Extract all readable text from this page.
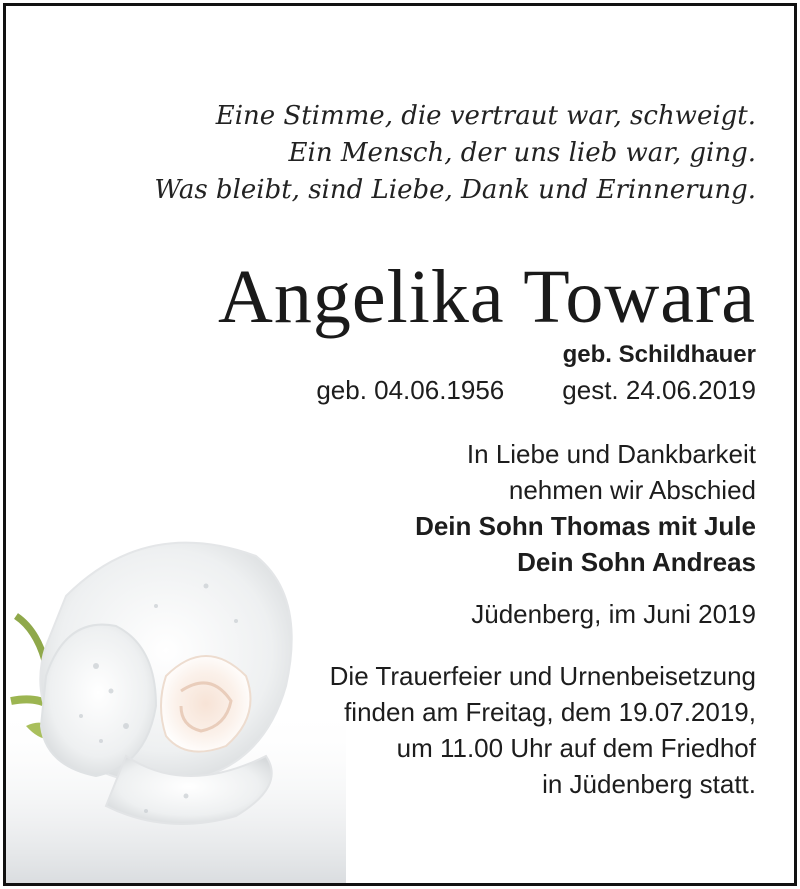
Eine Stimme, die vertraut war, schweigt.
Ein Mensch, der uns lieb war, ging.
Was bleibt, sind Liebe, Dank und Erinnerung.
Angelika Towara
geb. Schildhauer
geb. 04.06.1956 gest. 24.06.2019
In Liebe und Dankbarkeit
nehmen wir Abschied
Dein Sohn Thomas mit Jule
Dein Sohn Andreas
Jüdenberg, im Juni 2019
Die Trauerfeier und Urnenbeisetzung
finden am Freitag, dem 19.07.2019,
um 11.00 Uhr auf dem Friedhof
in Jüdenberg statt.
